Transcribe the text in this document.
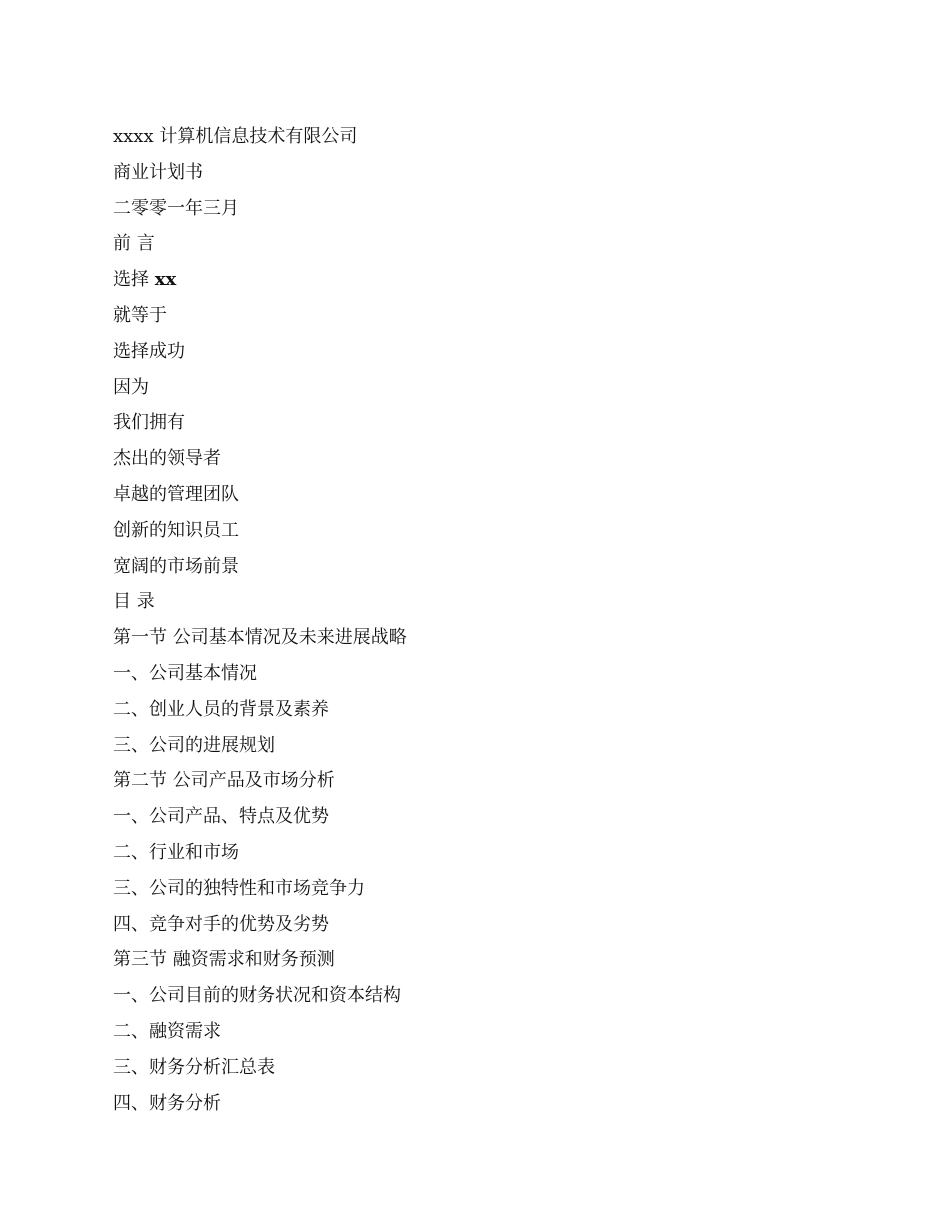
xxxx 计算机信息技术有限公司
商业计划书
二零零一年三月
前 言
选择 xx
就等于
选择成功
因为
我们拥有
杰出的领导者
卓越的管理团队
创新的知识员工
宽阔的市场前景
目 录
第一节 公司基本情况及未来进展战略
一、公司基本情况
二、创业人员的背景及素养
三、公司的进展规划
第二节 公司产品及市场分析
一、公司产品、特点及优势
二、行业和市场
三、公司的独特性和市场竞争力
四、竞争对手的优势及劣势
第三节 融资需求和财务预测
一、公司目前的财务状况和资本结构
二、融资需求
三、财务分析汇总表
四、财务分析
